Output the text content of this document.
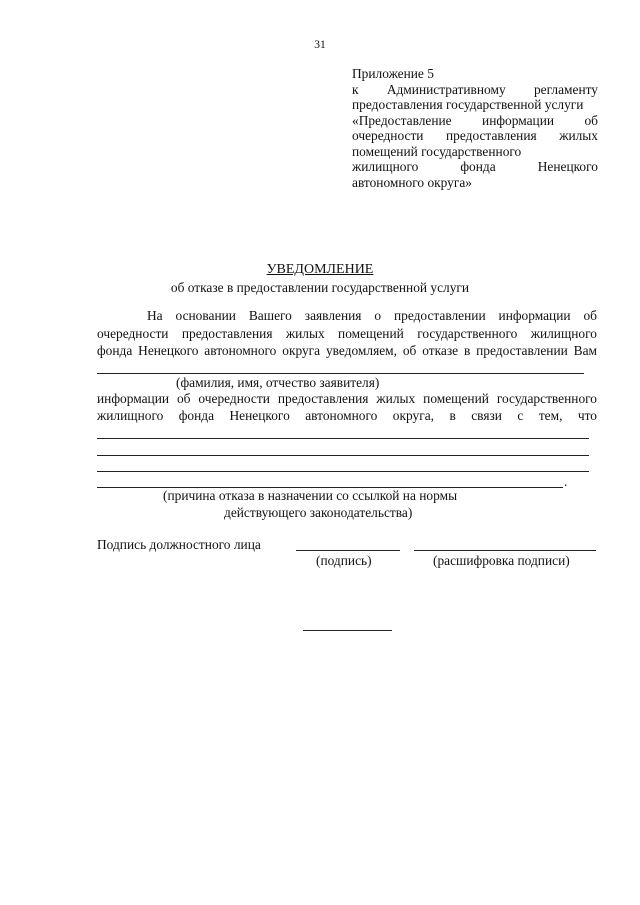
31
Приложение 5
к Административному регламенту
предоставления государственной услуги
«Предоставление информации об
очередности предоставления жилых
помещений государственного
жилищного	фонда	Ненецкого
автономного округа»
УВЕДОМЛЕНИЕ
об отказе в предоставлении государственной услуги
На основании Вашего заявления о предоставлении информации об
очередности предоставления жилых помещений государственного жилищного
фонда Ненецкого автономного округа уведомляем, об отказе в предоставлении Вам
(фамилия, имя, отчество заявителя)
информации об очередности предоставления жилых помещений государственного
жилищного фонда Ненецкого автономного округа, в связи с тем, что
.
(причина отказа в назначении со ссылкой на нормы
действующего законодательства)
Подпись должностного лица
(подпись)	(расшифровка подписи)
